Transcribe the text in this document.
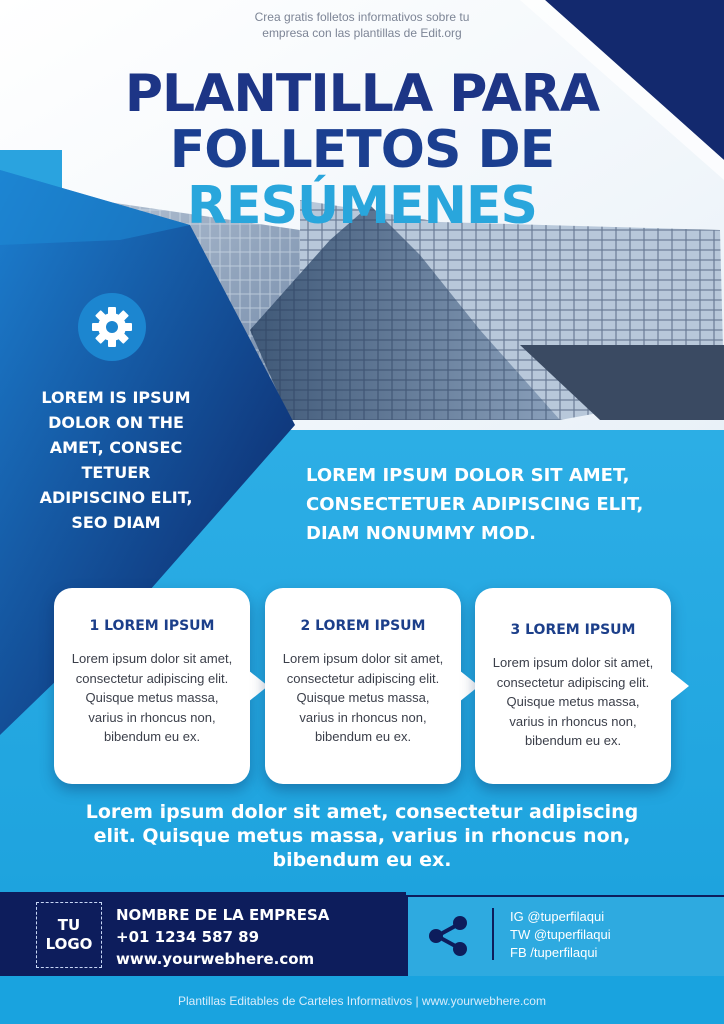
Crea gratis folletos informativos sobre tu
empresa con las plantillas de Edit.org
PLANTILLA PARA
FOLLETOS DE
RESÚMENES
LOREM IS IPSUM
DOLOR ON THE
AMET, CONSEC
TETUER
ADIPISCINO ELIT,
SEO DIAM
LOREM IPSUM DOLOR SIT AMET,
CONSECTETUER ADIPISCING ELIT,
DIAM NONUMMY MOD.
1 LOREM IPSUM

Lorem ipsum dolor sit amet,
consectetur adipiscing elit.
Quisque metus massa,
varius in rhoncus non,
bibendum eu ex.

2 LOREM IPSUM

Lorem ipsum dolor sit amet,
consectetur adipiscing elit.
Quisque metus massa,
varius in rhoncus non,
bibendum eu ex.

3 LOREM IPSUM

Lorem ipsum dolor sit amet,
consectetur adipiscing elit.
Quisque metus massa,
varius in rhoncus non,
bibendum eu ex.

Lorem ipsum dolor sit amet, consectetur adipiscing
elit. Quisque metus massa, varius in rhoncus non,
bibendum eu ex.
TU
LOGO
NOMBRE DE LA EMPRESA
+01 1234 587 89
www.yourwebhere.com
IG @tuperfilaqui
TW @tuperfilaqui
FB /tuperfilaqui
Plantillas Editables de Carteles Informativos | www.yourwebhere.com
